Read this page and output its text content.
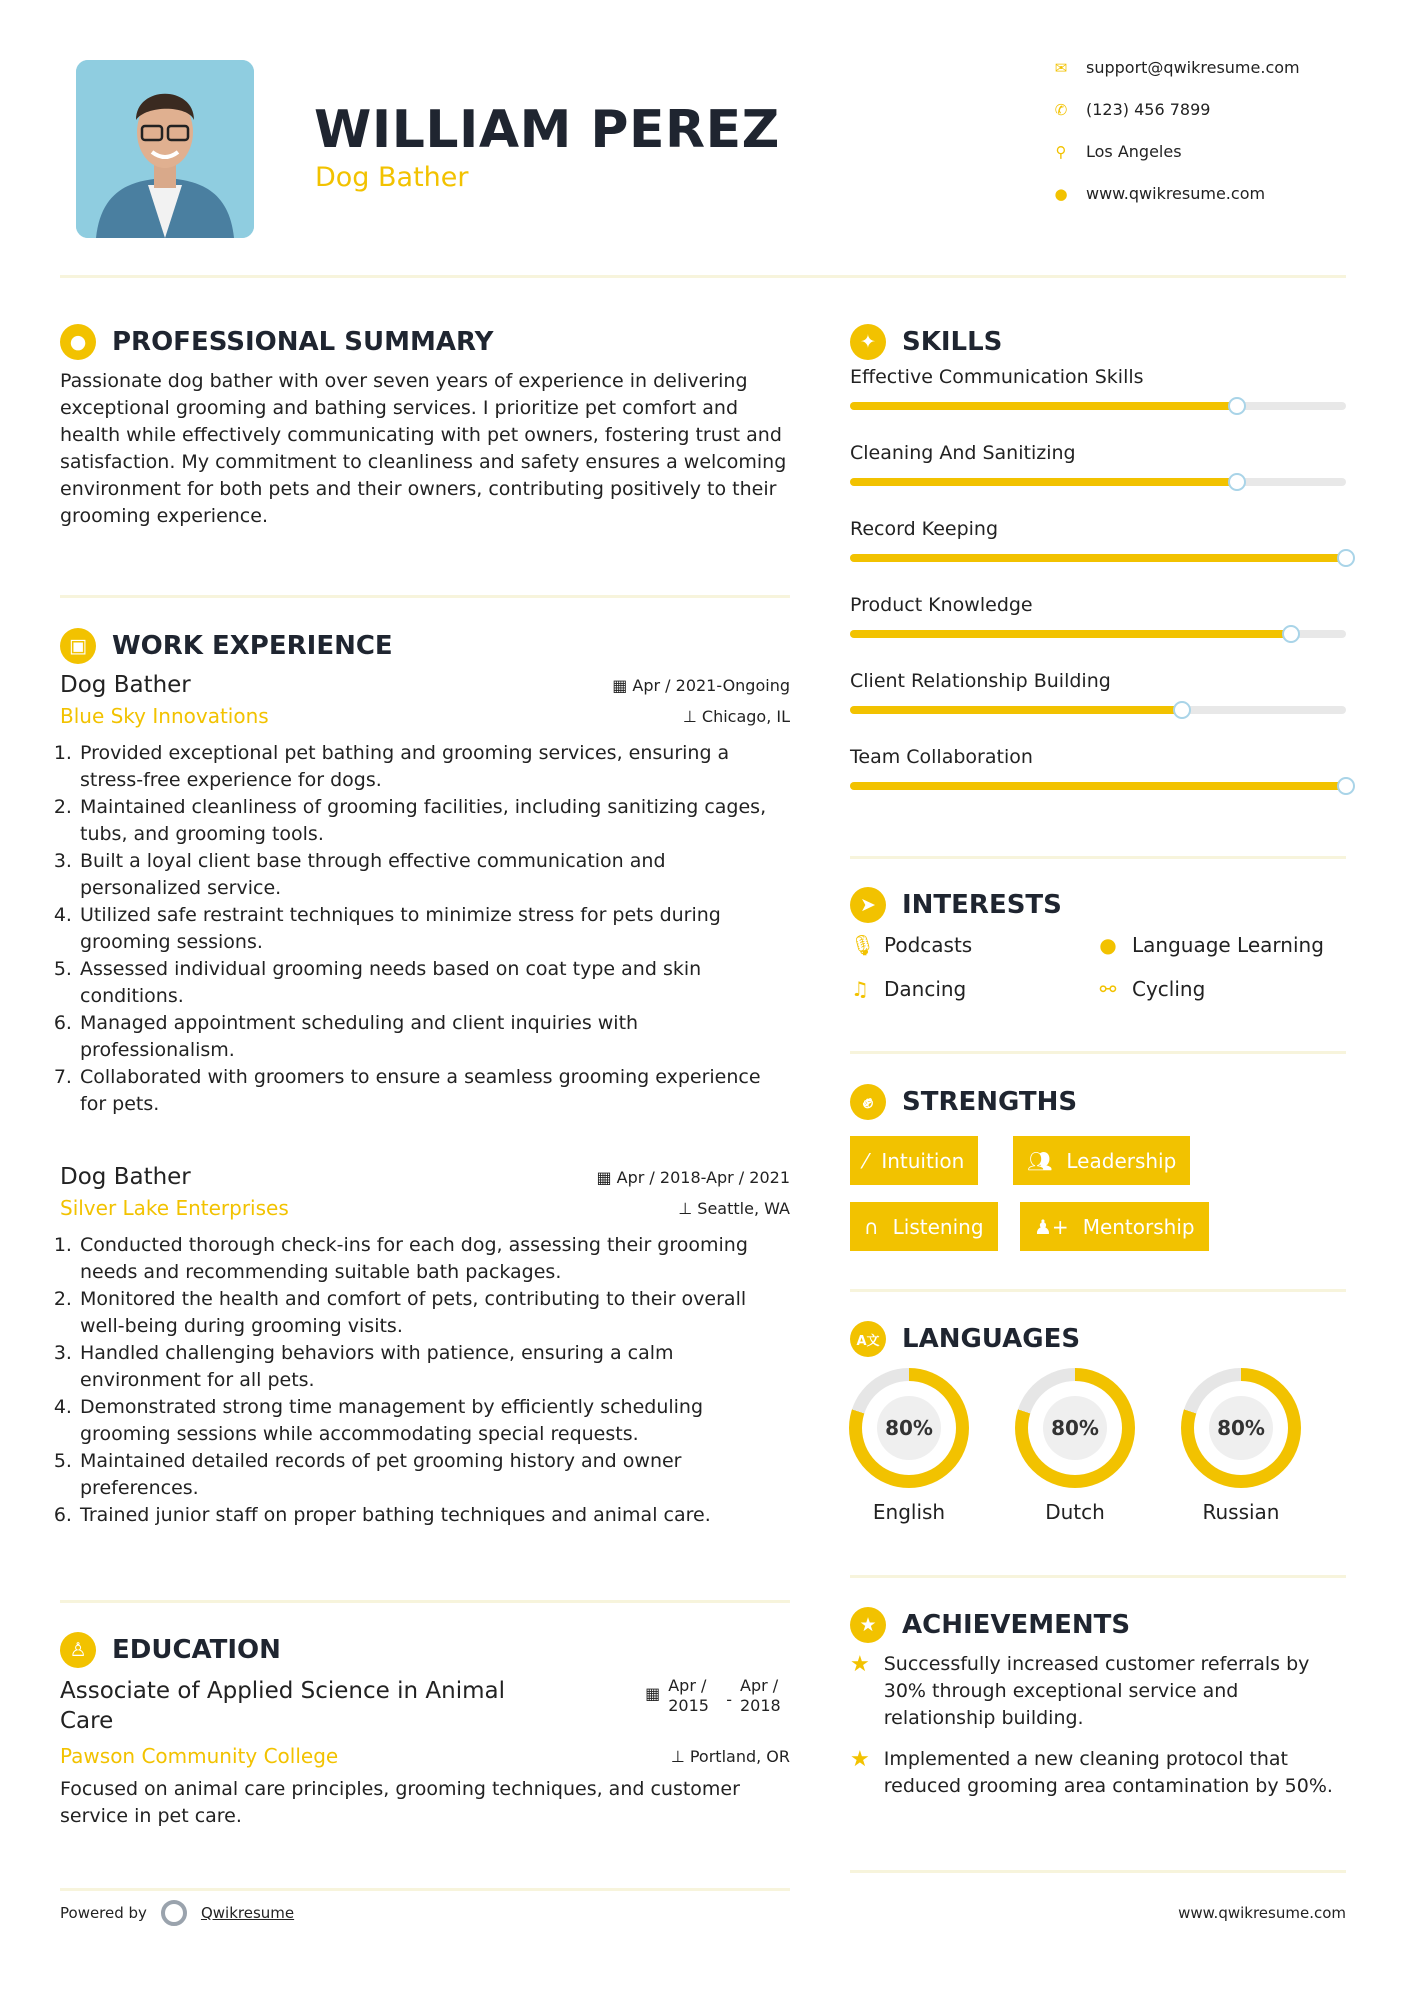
WILLIAM PEREZ
Dog Bather
✉ support@qwikresume.com
✆ (123) 456 7899
⚲ Los Angeles
● www.qwikresume.com
● PROFESSIONAL SUMMARY

Passionate dog bather with over seven years of experience in delivering exceptional grooming and bathing services. I prioritize pet comfort and health while effectively communicating with pet owners, fostering trust and satisfaction. My commitment to cleanliness and safety ensures a welcoming environment for both pets and their owners, contributing positively to their grooming experience.

▣ WORK EXPERIENCE
Dog Bather	▦ Apr / 2021-Ongoing
Blue Sky Innovations	⊥ Chicago, IL
1. Provided exceptional pet bathing and grooming services, ensuring a stress-free experience for dogs.
2. Maintained cleanliness of grooming facilities, including sanitizing cages, tubs, and grooming tools.
3. Built a loyal client base through effective communication and personalized service.
4. Utilized safe restraint techniques to minimize stress for pets during grooming sessions.
5. Assessed individual grooming needs based on coat type and skin conditions.
6. Managed appointment scheduling and client inquiries with professionalism.
7. Collaborated with groomers to ensure a seamless grooming experience for pets.
Dog Bather	▦ Apr / 2018-Apr / 2021
Silver Lake Enterprises	⊥ Seattle, WA
1. Conducted thorough check-ins for each dog, assessing their grooming needs and recommending suitable bath packages.
2. Monitored the health and comfort of pets, contributing to their overall well-being during grooming visits.
3. Handled challenging behaviors with patience, ensuring a calm environment for all pets.
4. Demonstrated strong time management by efficiently scheduling grooming sessions while accommodating special requests.
5. Maintained detailed records of pet grooming history and owner preferences.
6. Trained junior staff on proper bathing techniques and animal care.
♙ EDUCATION
Associate of Applied Science in Animal Care
▦ Apr / 2015	-
Apr / 2018
Pawson Community College	⊥ Portland, OR

Focused on animal care principles, grooming techniques, and customer service in pet care.

Powered by	Qwikresume	www.qwikresume.com
✦	SKILLS
Effective Communication Skills
Cleaning And Sanitizing
Record Keeping
Product Knowledge
Client Relationship Building
Team Collaboration
➤	INTERESTS
🎙︎ Podcasts	● Language Learning
♫ Dancing	⚯ Cycling
✊︎	STRENGTHS
⁄ Intuition	👥︎ Leadership
∩ Listening	♟+ Mentorship
A文 LANGUAGES
80%
English
80%
Dutch
80%
Russian
★ ACHIEVEMENTS
★ Successfully increased customer referrals by 30% through exceptional service and relationship building.
★ Implemented a new cleaning protocol that reduced grooming area contamination by 50%.
